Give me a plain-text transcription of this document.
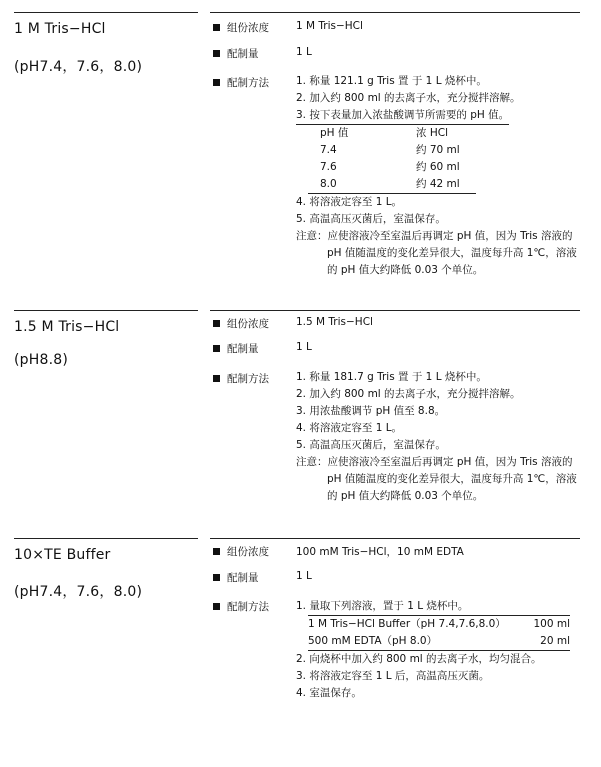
1 M Tris−HCl
(pH7.4，7.6，8.0)
组份浓度	1 M Tris−HCl
配制量	1 L
配制方法	1. 称量 121.1 g Tris 置 于 1 L 烧杯中。
2. 加入约 800 ml 的去离子水，充分搅拌溶解。
3. 按下表量加入浓盐酸调节所需要的 pH 值。
pH 值	浓 HCl
7.4	约 70 ml
7.6	约 60 ml
8.0	约 42 ml
4. 将溶液定容至 1 L。
5. 高温高压灭菌后，室温保存。
注意：应使溶液冷至室温后再调定 pH 值，因为 Tris 溶液的 pH 值随温度的变化差异很大，温度每升高 1℃，溶液的 pH 值大约降低 0.03 个单位。
1.5 M Tris−HCl
(pH8.8)
组份浓度	1.5 M Tris−HCl
配制量	1 L
配制方法	1. 称量 181.7 g Tris 置 于 1 L 烧杯中。
2. 加入约 800 ml 的去离子水，充分搅拌溶解。
3. 用浓盐酸调节 pH 值至 8.8。
4. 将溶液定容至 1 L。
5. 高温高压灭菌后，室温保存。
注意：应使溶液冷至室温后再调定 pH 值，因为 Tris 溶液的 pH 值随温度的变化差异很大，温度每升高 1℃，溶液的 pH 值大约降低 0.03 个单位。
10×TE Buffer
(pH7.4，7.6，8.0)
组份浓度	100 mM Tris−HCl，10 mM EDTA
配制量	1 L
配制方法	1. 量取下列溶液，置于 1 L 烧杯中。
1 M Tris−HCl Buffer（pH 7.4,7.6,8.0）	100 ml
500 mM EDTA（pH 8.0）	20 ml
2. 向烧杯中加入约 800 ml 的去离子水，均匀混合。
3. 将溶液定容至 1 L 后，高温高压灭菌。
4. 室温保存。
